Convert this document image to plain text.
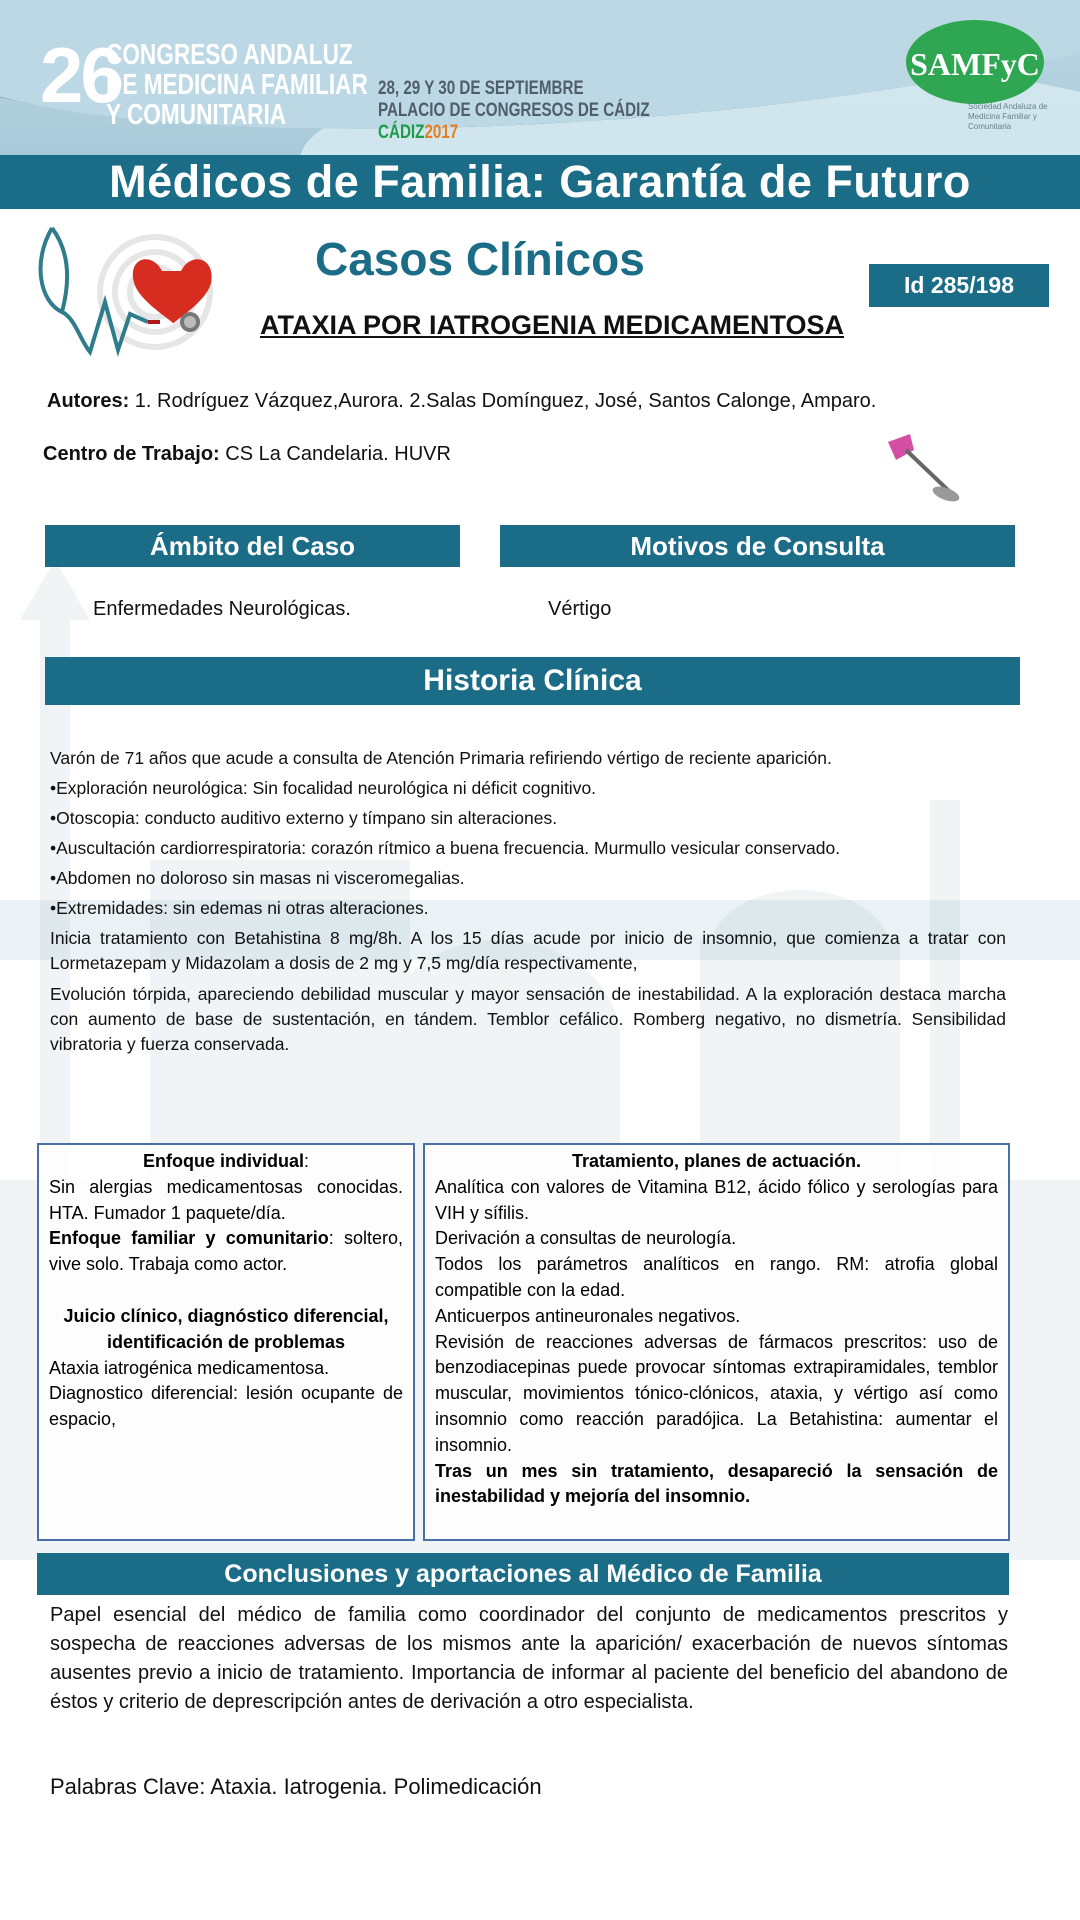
26
CONGRESO ANDALUZ
DE MEDICINA FAMILIAR
Y COMUNITARIA
28, 29 Y 30 DE SEPTIEMBRE
PALACIO DE CONGRESOS DE CÁDIZ
CÁDIZ2017
SAMFyC
Sociedad Andaluza de Medicina Familiar y Comunitaria
Médicos de Familia: Garantía de Futuro
Casos Clínicos
ATAXIA POR IATROGENIA MEDICAMENTOSA
Id 285/198
Autores: 1. Rodríguez Vázquez,Aurora. 2.Salas Domínguez, José, Santos Calonge, Amparo.
Centro de Trabajo: CS La Candelaria. HUVR
Ámbito del Caso	Motivos de Consulta
Enfermedades Neurológicas.	Vértigo
Historia Clínica

Varón de 71 años que acude a consulta de Atención Primaria refiriendo vértigo de reciente aparición.

•Exploración neurológica: Sin focalidad neurológica ni déficit cognitivo.

•Otoscopia: conducto auditivo externo y tímpano sin alteraciones.

•Auscultación cardiorrespiratoria: corazón rítmico a buena frecuencia. Murmullo vesicular conservado.

•Abdomen no doloroso sin masas ni visceromegalias.

•Extremidades: sin edemas ni otras alteraciones.

Inicia tratamiento con Betahistina 8 mg/8h. A los 15 días acude por inicio de insomnio, que comienza a tratar con Lormetazepam y Midazolam a dosis de 2 mg y 7,5 mg/día respectivamente,

Evolución tórpida, apareciendo debilidad muscular y mayor sensación de inestabilidad. A la exploración destaca marcha con aumento de base de sustentación, en tándem. Temblor cefálico. Romberg negativo, no dismetría. Sensibilidad vibratoria y fuerza conservada.

Enfoque individual:

Sin alergias medicamentosas conocidas. HTA. Fumador 1 paquete/día.

Enfoque familiar y comunitario: soltero, vive solo. Trabaja como actor.

Juicio clínico, diagnóstico diferencial, identificación de problemas

Ataxia iatrogénica medicamentosa.

Diagnostico diferencial: lesión ocupante de espacio,

Tratamiento, planes de actuación.

Analítica con valores de Vitamina B12, ácido fólico y serologías para VIH y sífilis.

Derivación a consultas de neurología.

Todos los parámetros analíticos en rango. RM: atrofia global compatible con la edad.

Anticuerpos antineuronales negativos.

Revisión de reacciones adversas de fármacos prescritos: uso de benzodiacepinas puede provocar síntomas extrapiramidales, temblor muscular, movimientos tónico-clónicos, ataxia, y vértigo así como insomnio como reacción paradójica. La Betahistina: aumentar el insomnio.

Tras un mes sin tratamiento, desapareció la sensación de inestabilidad y mejoría del insomnio.

Conclusiones y aportaciones al Médico de Familia
Papel esencial del médico de familia como coordinador del conjunto de medicamentos prescritos y sospecha de reacciones adversas de los mismos ante la aparición/ exacerbación de nuevos síntomas ausentes previo a inicio de tratamiento. Importancia de informar al paciente del beneficio del abandono de éstos y criterio de deprescripción antes de derivación a otro especialista.
Palabras Clave: Ataxia. Iatrogenia. Polimedicación
